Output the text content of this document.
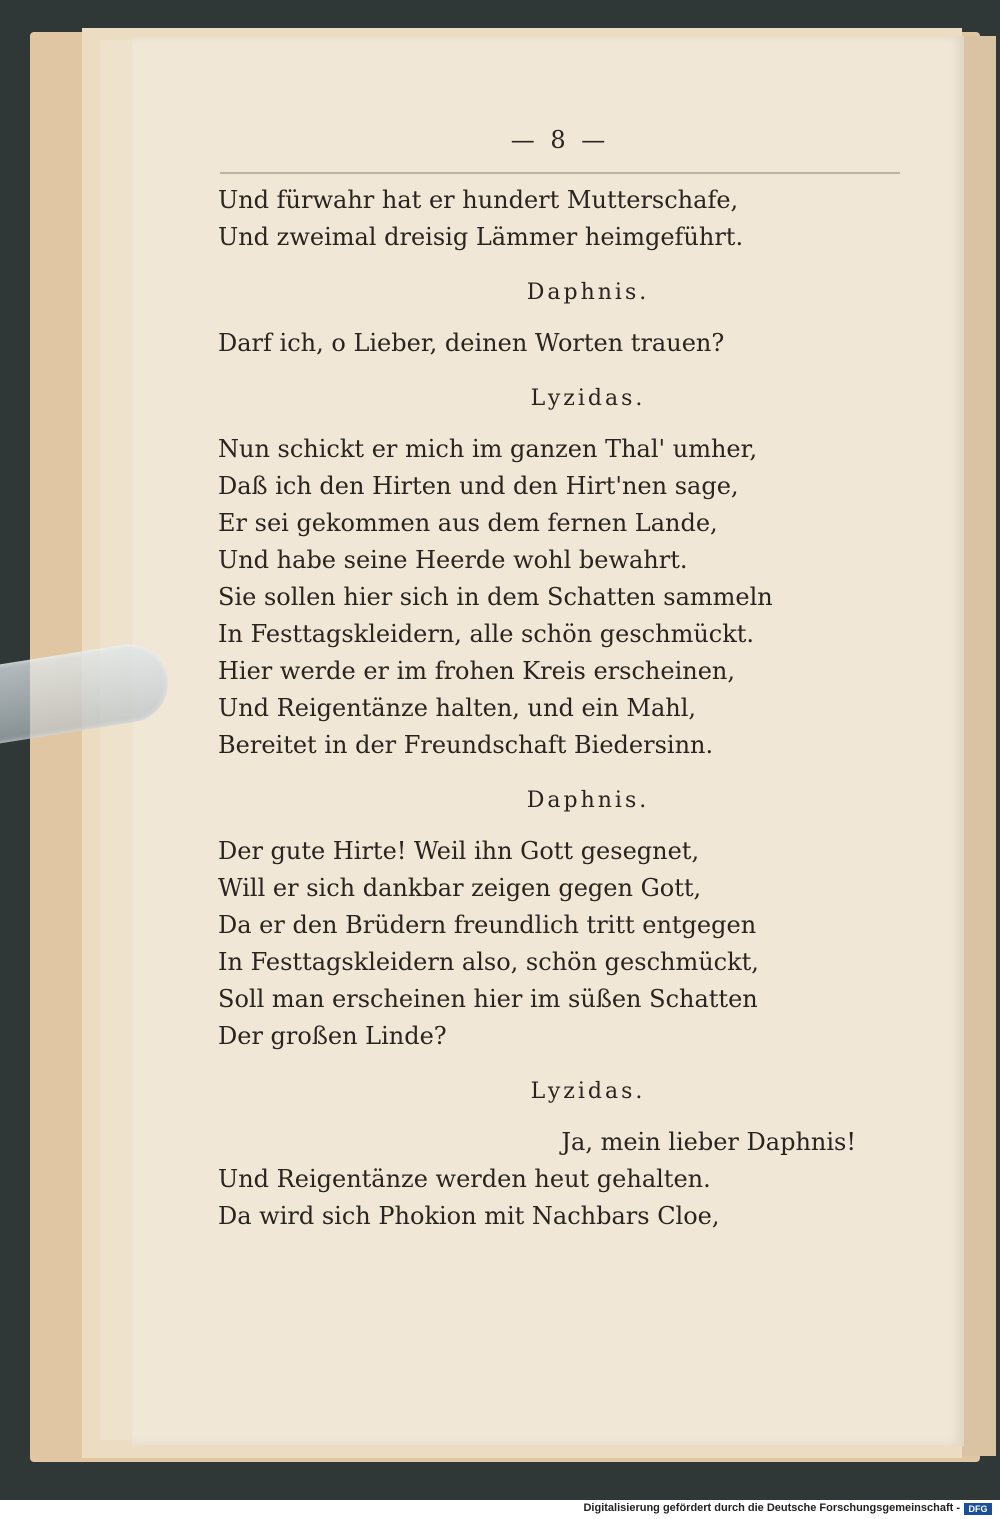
— 8 —
Und fürwahr hat er hundert Mutterschafe,
Und zweimal dreisig Lämmer heimgeführt.
Daphnis.
Darf ich, o Lieber, deinen Worten trauen?
Lyzidas.
Nun schickt er mich im ganzen Thal' umher,
Daß ich den Hirten und den Hirt'nen sage,
Er sei gekommen aus dem fernen Lande,
Und habe seine Heerde wohl bewahrt.
Sie sollen hier sich in dem Schatten sammeln
In Festtagskleidern, alle schön geschmückt.
Hier werde er im frohen Kreis erscheinen,
Und Reigentänze halten, und ein Mahl,
Bereitet in der Freundschaft Biedersinn.
Daphnis.
Der gute Hirte! Weil ihn Gott gesegnet,
Will er sich dankbar zeigen gegen Gott,
Da er den Brüdern freundlich tritt entgegen
In Festtagskleidern also, schön geschmückt,
Soll man erscheinen hier im süßen Schatten
Der großen Linde?
Lyzidas.
Ja, mein lieber Daphnis!
Und Reigentänze werden heut gehalten.
Da wird sich Phokion mit Nachbars Cloe,
Digitalisierung gefördert durch die Deutsche Forschungsgemeinschaft - DFG
